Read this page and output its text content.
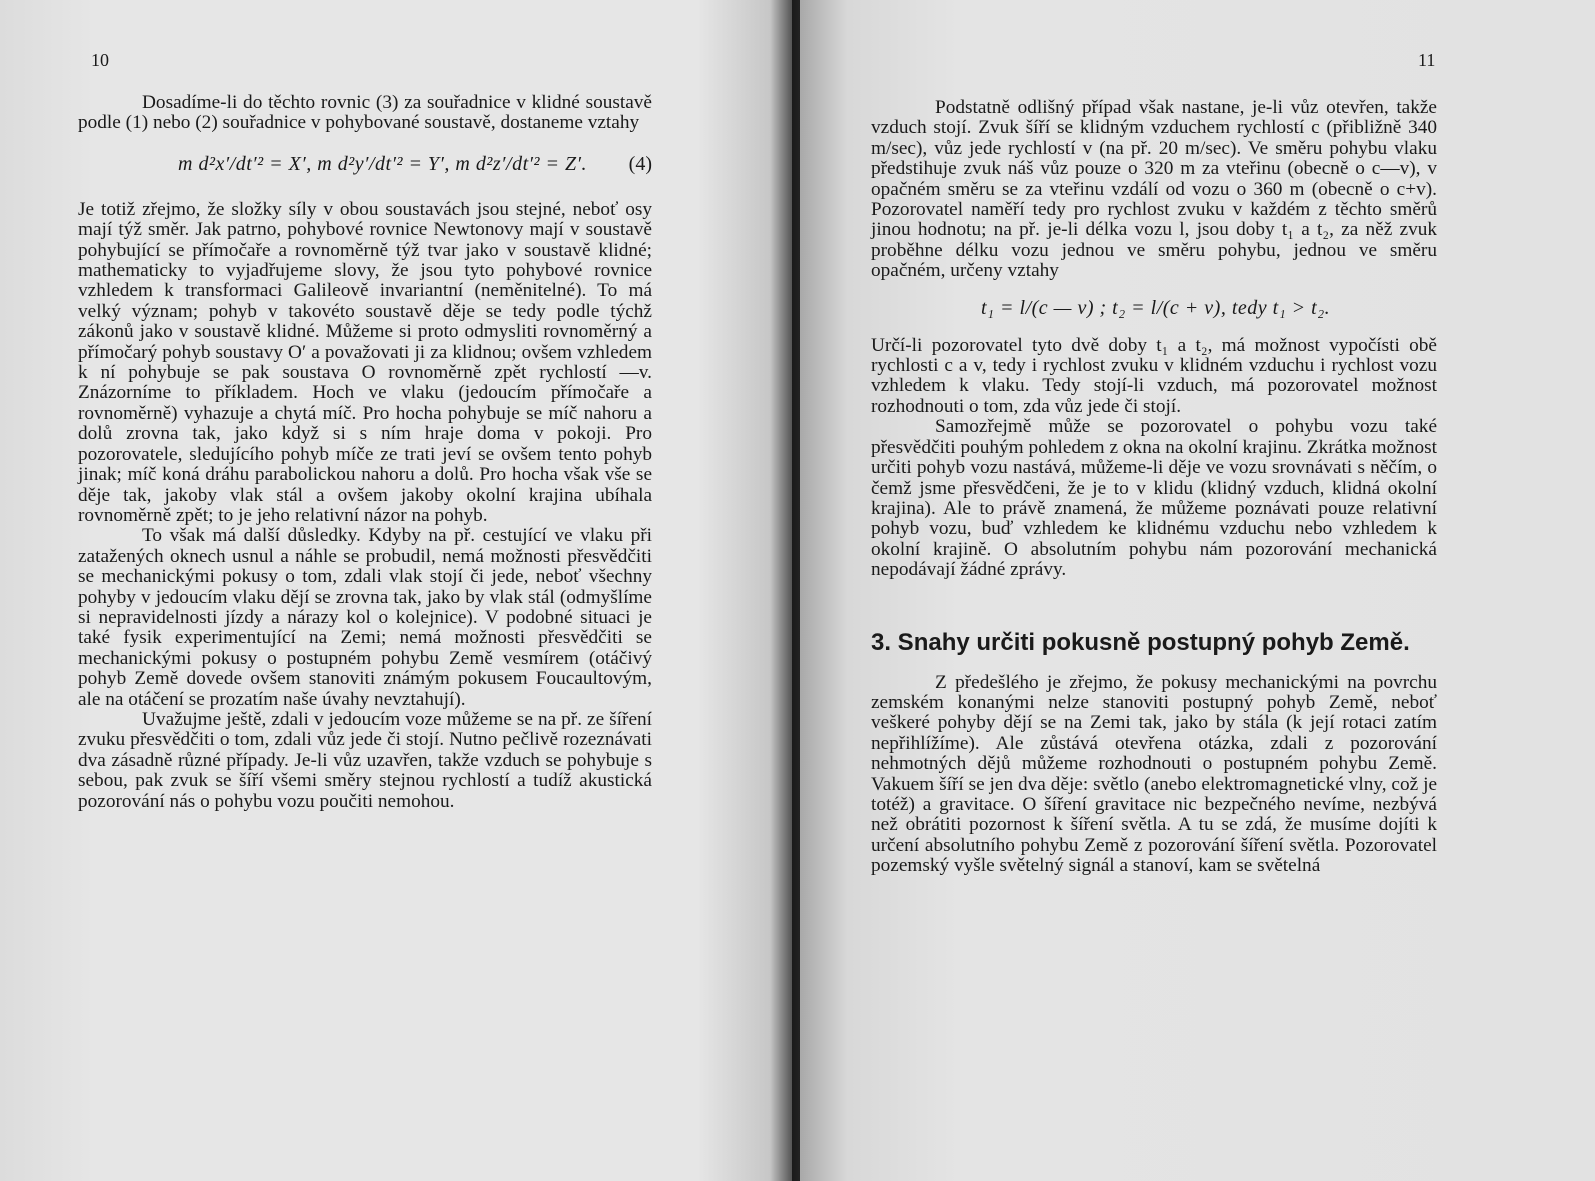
10

Dosadíme-li do těchto rovnic (3) za souřadnice v klidné soustavě podle (1) nebo (2) souřadnice v pohybované soustavě, dostaneme vztahy

m d²x′/dt′² = X′, m d²y′/dt′² = Y′, m d²z′/dt′² = Z′. (4)

Je totiž zřejmo, že složky síly v obou soustavách jsou stejné, neboť osy mají týž směr. Jak patrno, pohybové rovnice Newtonovy mají v soustavě pohybující se přímočaře a rovnoměrně týž tvar jako v soustavě klidné; mathematicky to vyjadřujeme slovy, že jsou tyto pohybové rovnice vzhledem k transformaci Galileově invariantní (neměnitelné). To má velký význam; pohyb v takovéto soustavě děje se tedy podle týchž zákonů jako v soustavě klidné. Můžeme si proto odmysliti rovnoměrný a přímočarý pohyb soustavy O′ a považovati ji za klidnou; ovšem vzhledem k ní pohybuje se pak soustava O rovnoměrně zpět rychlostí —v. Znázorníme to příkladem. Hoch ve vlaku (jedoucím přímočaře a rovnoměrně) vyhazuje a chytá míč. Pro hocha pohybuje se míč nahoru a dolů zrovna tak, jako když si s ním hraje doma v pokoji. Pro pozorovatele, sledujícího pohyb míče ze trati jeví se ovšem tento pohyb jinak; míč koná dráhu parabolickou nahoru a dolů. Pro hocha však vše se děje tak, jakoby vlak stál a ovšem jakoby okolní krajina ubíhala rovnoměrně zpět; to je jeho relativní názor na pohyb.

To však má další důsledky. Kdyby na př. cestující ve vlaku při zatažených oknech usnul a náhle se probudil, nemá možnosti přesvědčiti se mechanickými pokusy o tom, zdali vlak stojí či jede, neboť všechny pohyby v jedoucím vlaku dějí se zrovna tak, jako by vlak stál (odmyšlíme si nepravidelnosti jízdy a nárazy kol o kolejnice). V podobné situaci je také fysik experimentující na Zemi; nemá možnosti přesvědčiti se mechanickými pokusy o postupném pohybu Země vesmírem (otáčivý pohyb Země dovede ovšem stanoviti známým pokusem Foucaultovým, ale na otáčení se prozatím naše úvahy nevztahují).

Uvažujme ještě, zdali v jedoucím voze můžeme se na př. ze šíření zvuku přesvědčiti o tom, zdali vůz jede či stojí. Nutno pečlivě rozeznávati dva zásadně různé případy. Je-li vůz uzavřen, takže vzduch se pohybuje s sebou, pak zvuk se šíří všemi směry stejnou rychlostí a tudíž akustická pozorování nás o pohybu vozu poučiti nemohou.

11

Podstatně odlišný případ však nastane, je-li vůz otevřen, takže vzduch stojí. Zvuk šíří se klidným vzduchem rychlostí c (přibližně 340 m/sec), vůz jede rychlostí v (na př. 20 m/sec). Ve směru pohybu vlaku předstihuje zvuk náš vůz pouze o 320 m za vteřinu (obecně o c—v), v opačném směru se za vteřinu vzdálí od vozu o 360 m (obecně o c+v). Pozorovatel naměří tedy pro rychlost zvuku v každém z těchto směrů jinou hodnotu; na př. je-li délka vozu l, jsou doby t₁ a t₂, za něž zvuk proběhne délku vozu jednou ve směru pohybu, jednou ve směru opačném, určeny vztahy

t₁ = l/(c — v) ; t₂ = l/(c + v), tedy t₁ > t₂.

Určí-li pozorovatel tyto dvě doby t₁ a t₂, má možnost vypočísti obě rychlosti c a v, tedy i rychlost zvuku v klidném vzduchu i rychlost vozu vzhledem k vlaku. Tedy stojí-li vzduch, má pozorovatel možnost rozhodnouti o tom, zda vůz jede či stojí.

Samozřejmě může se pozorovatel o pohybu vozu také přesvědčiti pouhým pohledem z okna na okolní krajinu. Zkrátka možnost určiti pohyb vozu nastává, můžeme-li děje ve vozu srovnávati s něčím, o čemž jsme přesvědčeni, že je to v klidu (klidný vzduch, klidná okolní krajina). Ale to právě znamená, že můžeme poznávati pouze relativní pohyb vozu, buď vzhledem ke klidnému vzduchu nebo vzhledem k okolní krajině. O absolutním pohybu nám pozorování mechanická nepodávají žádné zprávy.

3. Snahy určiti pokusně postupný pohyb Země.

Z předešlého je zřejmo, že pokusy mechanickými na povrchu zemském konanými nelze stanoviti postupný pohyb Země, neboť veškeré pohyby dějí se na Zemi tak, jako by stála (k její rotaci zatím nepřihlížíme). Ale zůstává otevřena otázka, zdali z pozorování nehmotných dějů můžeme rozhodnouti o postupném pohybu Země. Vakuem šíří se jen dva děje: světlo (anebo elektromagnetické vlny, což je totéž) a gravitace. O šíření gravitace nic bezpečného nevíme, nezbývá než obrátiti pozornost k šíření světla. A tu se zdá, že musíme dojíti k určení absolutního pohybu Země z pozorování šíření světla. Pozorovatel pozemský vyšle světelný signál a stanoví, kam se světelná
